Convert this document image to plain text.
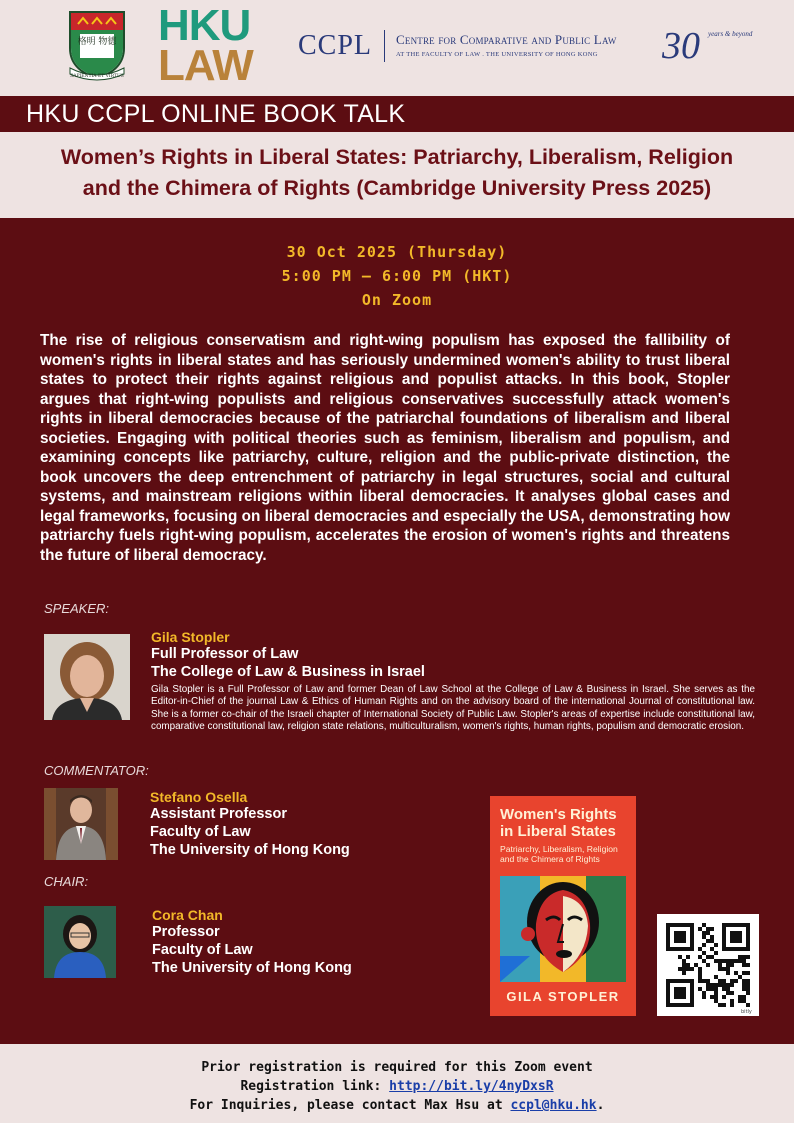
格明 物德
SAPIENTIA ET VIRTUS
HKU
LAW CCPL Centre for Comparative and Public Law
AT THE FACULTY OF LAW . THE UNIVERSITY OF HONG KONG 30 years & beyond
HKU CCPL ONLINE BOOK TALK
Women’s Rights in Liberal States: Patriarchy, Liberalism, Religion
and the Chimera of Rights (Cambridge University Press 2025)
30 Oct 2025 (Thursday)
5:00 PM – 6:00 PM (HKT)
On Zoom
The rise of religious conservatism and right-wing populism has exposed the fallibility of women's rights in liberal states and has seriously undermined women's ability to trust liberal states to protect their rights against religious and populist attacks. In this book, Stopler argues that right-wing populists and religious conservatives successfully attack women's rights in liberal democracies because of the patriarchal foundations of liberalism and liberal societies. Engaging with political theories such as feminism, liberalism and populism, and examining concepts like patriarchy, culture, religion and the public-private distinction, the book uncovers the deep entrenchment of patriarchy in legal structures, social and cultural systems, and mainstream religions within liberal democracies. It analyses global cases and legal frameworks, focusing on liberal democracies and especially the USA, demonstrating how patriarchy fuels right-wing populism, accelerates the erosion of women's rights and threatens the future of liberal democracy.
SPEAKER:
Gila Stopler
Full Professor of Law
The College of Law & Business in Israel
Gila Stopler is a Full Professor of Law and former Dean of Law School at the College of Law & Business in Israel. She serves as the Editor-in-Chief of the journal Law & Ethics of Human Rights and on the advisory board of the international Journal of constitutional law. She is a former co-chair of the Israeli chapter of International Society of Public Law. Stopler's areas of expertise include constitutional law, comparative constitutional law, religion state relations, multiculturalism, women's rights, human rights, populism and democratic erosion.
COMMENTATOR:
Stefano Osella
Assistant Professor
Faculty of Law
The University of Hong Kong
CHAIR:
Cora Chan
Professor
Faculty of Law
The University of Hong Kong
Women's Rights in Liberal States
Patriarchy, Liberalism, Religion and the Chimera of Rights
GILA STOPLER
bitly
Prior registration is required for this Zoom event
Registration link: http://bit.ly/4nyDxsR
For Inquiries, please contact Max Hsu at ccpl@hku.hk.
